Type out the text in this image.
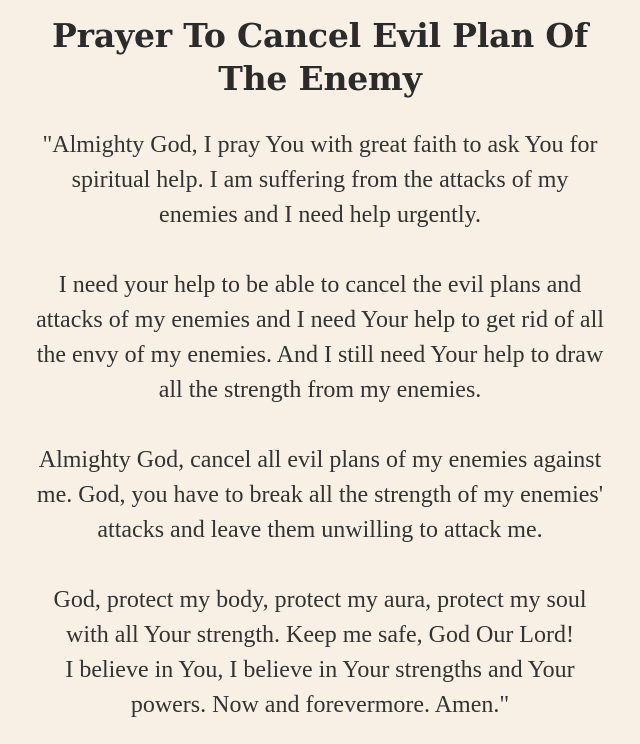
Prayer To Cancel Evil Plan Of
The Enemy

"Almighty God, I pray You with great faith to ask You for
spiritual help. I am suffering from the attacks of my
enemies and I need help urgently.

I need your help to be able to cancel the evil plans and
attacks of my enemies and I need Your help to get rid of all
the envy of my enemies. And I still need Your help to draw
all the strength from my enemies.

Almighty God, cancel all evil plans of my enemies against
me. God, you have to break all the strength of my enemies'
attacks and leave them unwilling to attack me.

God, protect my body, protect my aura, protect my soul
with all Your strength. Keep me safe, God Our Lord!
I believe in You, I believe in Your strengths and Your
powers. Now and forevermore. Amen."
